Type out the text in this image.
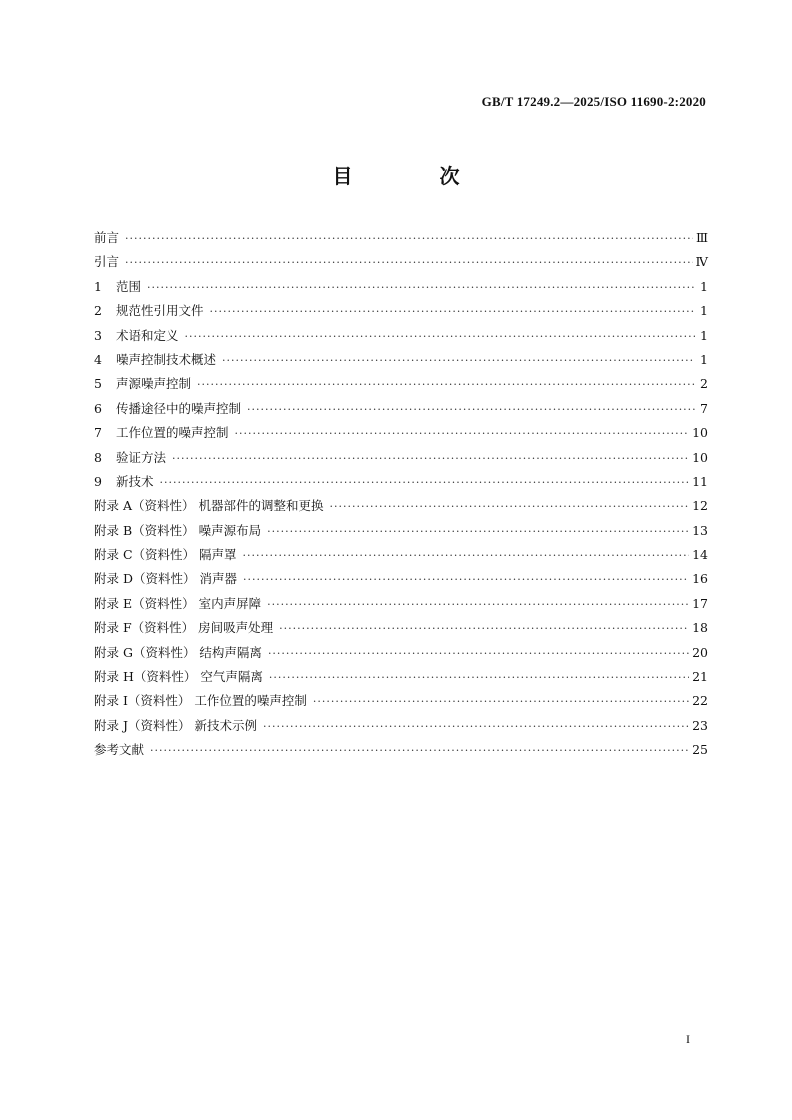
GB/T 17249.2—2025/ISO 11690-2:2020
目 次
前言 ·····	Ⅲ
引言 ·····	Ⅳ
1 范围 ·····	1
2 规范性引用文件 ·····	1
3 术语和定义 ·····	1
4 噪声控制技术概述 ·····	1
5 声源噪声控制 ·····	2
6 传播途径中的噪声控制 ·····	7
7 工作位置的噪声控制 ·····	10
8 验证方法 ·····	10
9 新技术 ·····	11
附录 A（资料性） 机器部件的调整和更换 ·····	12
附录 B（资料性） 噪声源布局 ·····	13
附录 C（资料性） 隔声罩 ·····	14
附录 D（资料性） 消声器 ·····	16
附录 E（资料性） 室内声屏障 ·····	17
附录 F（资料性） 房间吸声处理 ·····	18
附录 G（资料性） 结构声隔离 ·····	20
附录 H（资料性） 空气声隔离 ·····	21
附录 I（资料性） 工作位置的噪声控制 ·····	22
附录 J（资料性） 新技术示例 ·····	23
参考文献 ·····	25
I
